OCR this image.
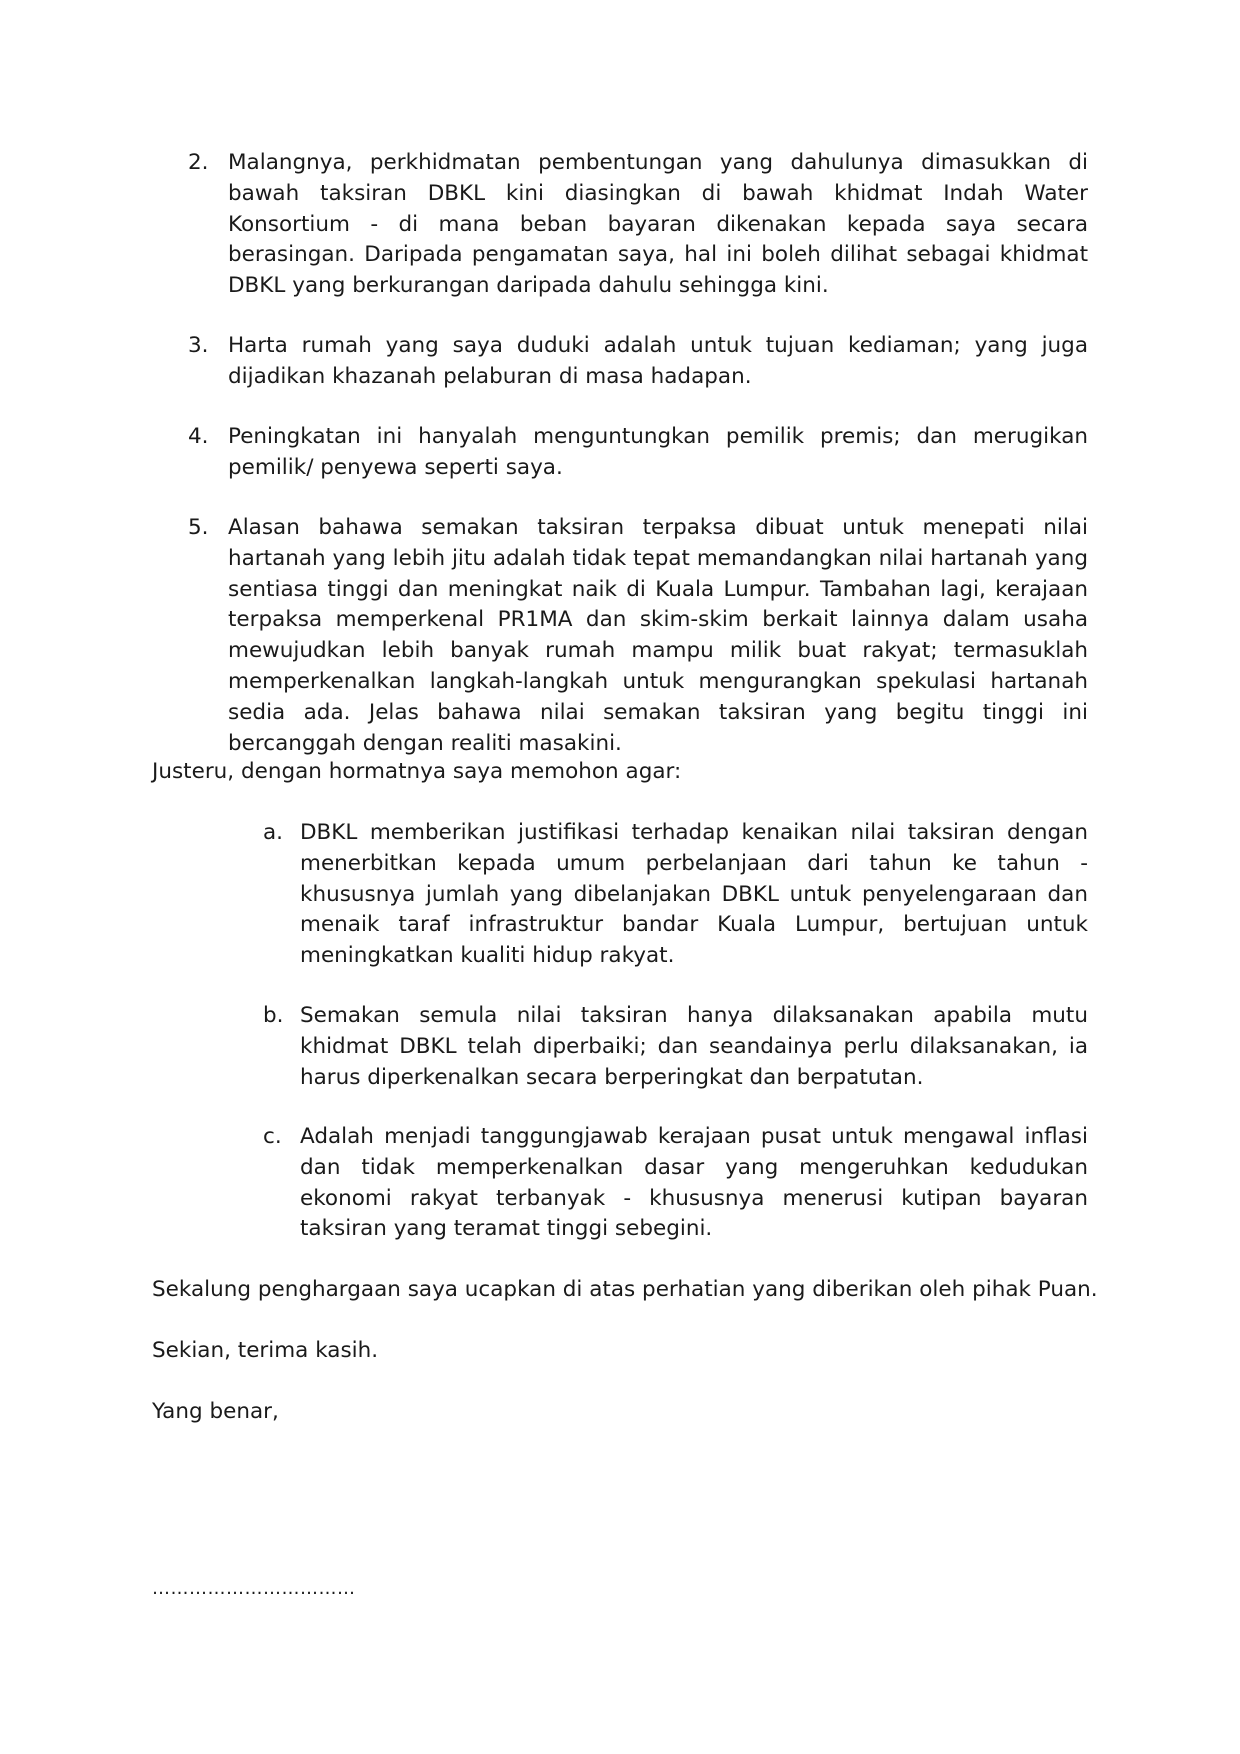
2. Malangnya, perkhidmatan pembentungan yang dahulunya dimasukkan di bawah taksiran DBKL kini diasingkan di bawah khidmat Indah Water Konsortium - di mana beban bayaran dikenakan kepada saya secara berasingan. Daripada pengamatan saya, hal ini boleh dilihat sebagai khidmat DBKL yang berkurangan daripada dahulu sehingga kini.
3. Harta rumah yang saya duduki adalah untuk tujuan kediaman; yang juga dijadikan khazanah pelaburan di masa hadapan.
4. Peningkatan ini hanyalah menguntungkan pemilik premis; dan merugikan pemilik/ penyewa seperti saya.
5. Alasan bahawa semakan taksiran terpaksa dibuat untuk menepati nilai hartanah yang lebih jitu adalah tidak tepat memandangkan nilai hartanah yang sentiasa tinggi dan meningkat naik di Kuala Lumpur. Tambahan lagi, kerajaan terpaksa memperkenal PR1MA dan skim-skim berkait lainnya dalam usaha mewujudkan lebih banyak rumah mampu milik buat rakyat; termasuklah memperkenalkan langkah-langkah untuk mengurangkan spekulasi hartanah sedia ada. Jelas bahawa nilai semakan taksiran yang begitu tinggi ini bercanggah dengan realiti masakini.
Justeru, dengan hormatnya saya memohon agar:
a. DBKL memberikan justifikasi terhadap kenaikan nilai taksiran dengan menerbitkan kepada umum perbelanjaan dari tahun ke tahun - khususnya jumlah yang dibelanjakan DBKL untuk penyelengaraan dan menaik taraf infrastruktur bandar Kuala Lumpur, bertujuan untuk meningkatkan kualiti hidup rakyat.
b. Semakan semula nilai taksiran hanya dilaksanakan apabila mutu khidmat DBKL telah diperbaiki; dan seandainya perlu dilaksanakan, ia harus diperkenalkan secara berperingkat dan berpatutan.
c. Adalah menjadi tanggungjawab kerajaan pusat untuk mengawal inflasi dan tidak memperkenalkan dasar yang mengeruhkan kedudukan ekonomi rakyat terbanyak - khususnya menerusi kutipan bayaran taksiran yang teramat tinggi sebegini.
Sekalung penghargaan saya ucapkan di atas perhatian yang diberikan oleh pihak Puan.
Sekian, terima kasih.
Yang benar,
……………………………
